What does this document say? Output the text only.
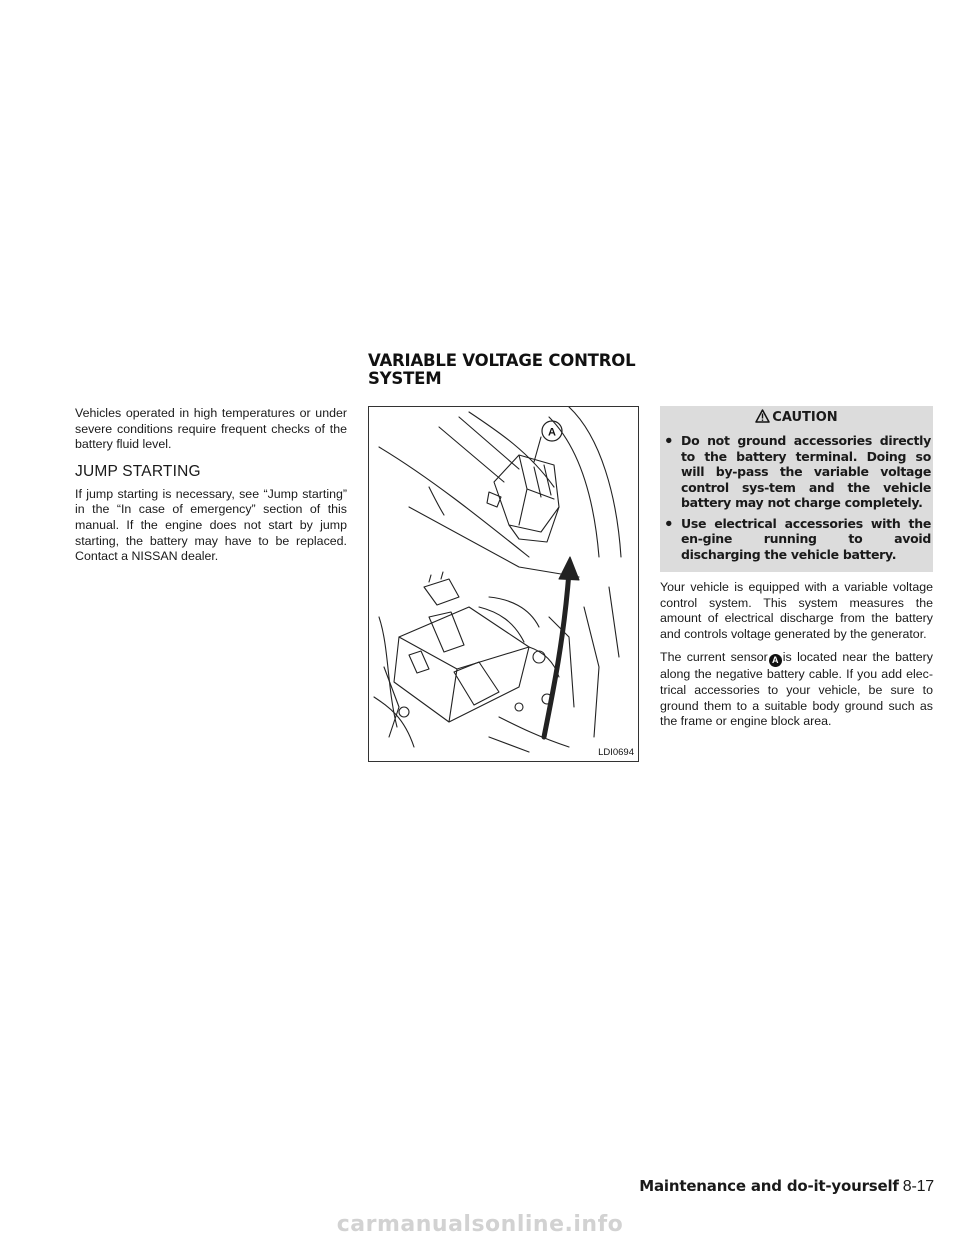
VARIABLE VOLTAGE CONTROL
SYSTEM

Vehicles operated in high temperatures or under severe conditions require frequent checks of the battery fluid level.

JUMP STARTING

If jump starting is necessary, see “Jump starting” in the “In case of emergency” section of this manual. If the engine does not start by jump starting, the battery may have to be replaced. Contact a NISSAN dealer.

A
LDI0694
CAUTION
● Do not ground accessories directly to the battery terminal. Doing so will by-pass the variable voltage control sys-tem and the vehicle battery may not charge completely.
● Use electrical accessories with the en-gine running to avoid discharging the vehicle battery.

Your vehicle is equipped with a variable voltage control system. This system measures the amount of electrical discharge from the battery and controls voltage generated by the generator.

The current sensor A is located near the battery along the negative battery cable. If you add elec-trical accessories to your vehicle, be sure to ground them to a suitable body ground such as the frame or engine block area.

Maintenance and do-it-yourself 8-17
carmanualsonline.info
